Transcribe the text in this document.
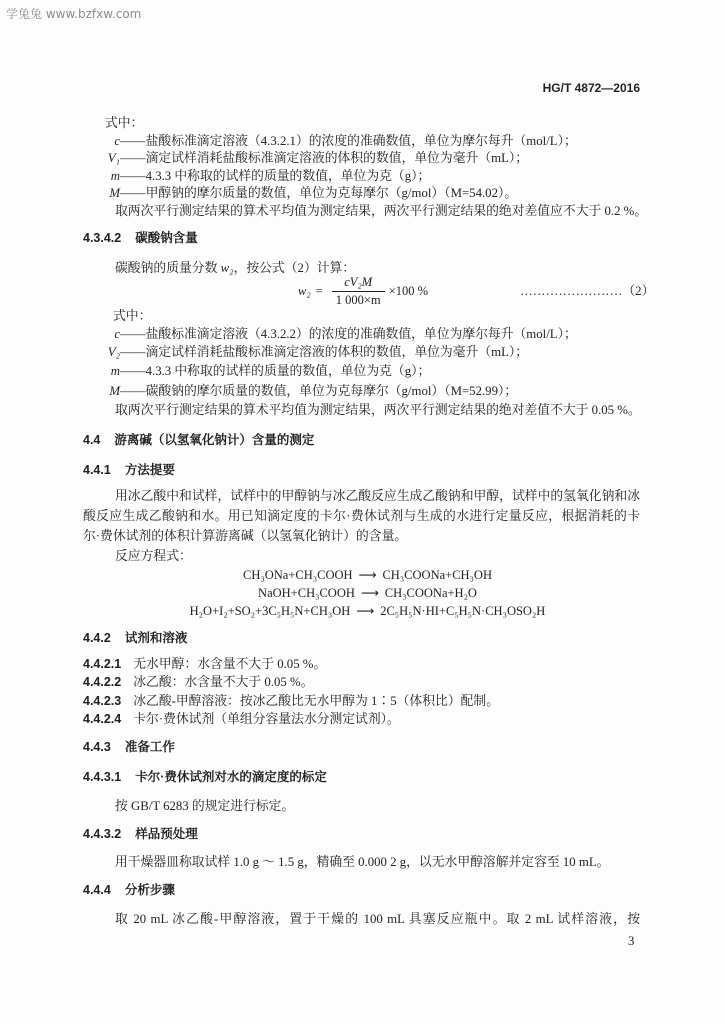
学兔兔 www.bzfxw.com
HG/T 4872—2016
式中：
c——盐酸标准滴定溶液（4.3.2.1）的浓度的准确数值，单位为摩尔每升（mol/L）；
V₁——滴定试样消耗盐酸标准滴定溶液的体积的数值，单位为毫升（mL）；
m——4.3.3 中称取的试样的质量的数值，单位为克（g）；
M——甲醇钠的摩尔质量的数值，单位为克每摩尔（g/mol）（M=54.02）。
取两次平行测定结果的算术平均值为测定结果，两次平行测定结果的绝对差值应不大于 0.2 %。
4.3.4.2 碳酸钠含量
碳酸钠的质量分数 w₂，按公式（2）计算：
$w_2 = \frac{\text{cV₂M}}{1 000\times m} \times 100$ %	……………………（2）
式中：
c——盐酸标准滴定溶液（4.3.2.2）的浓度的准确数值，单位为摩尔每升（mol/L）；
V₂——滴定试样消耗盐酸标准滴定溶液的体积的数值，单位为毫升（mL）；
m——4.3.3 中称取的试样的质量的数值，单位为克（g）；
M——碳酸钠的摩尔质量的数值，单位为克每摩尔（g/mol）（M=52.99）；
取两次平行测定结果的算术平均值为测定结果，两次平行测定结果的绝对差值不大于 0.05 %。
4.4 游离碱（以氢氧化钠计）含量的测定
4.4.1 方法提要
用冰乙酸中和试样，试样中的甲醇钠与冰乙酸反应生成乙酸钠和甲醇，试样中的氢氧化钠和冰
酸反应生成乙酸钠和水。用已知滴定度的卡尔·费休试剂与生成的水进行定量反应，根据消耗的卡
尔·费休试剂的体积计算游离碱（以氢氧化钠计）的含量。
反应方程式：
CH₃ONa+CH₃COOH ⟶ CH₃COONa+CH₃OH
NaOH+CH₃COOH ⟶ CH₃COONa+H₂O
H₂O+I₂+SO₂+3C₅H₅N+CH₃OH ⟶ 2C₅H₅N·HI+C₅H₅N·CH₃OSO₂H
4.4.2 试剂和溶液
4.4.2.1 无水甲醇：水含量不大于 0.05 %。
4.4.2.2 冰乙酸：水含量不大于 0.05 %。
4.4.2.3 冰乙酸-甲醇溶液：按冰乙酸比无水甲醇为 1∶5（体积比）配制。
4.4.2.4 卡尔·费休试剂（单组分容量法水分测定试剂）。
4.4.3 准备工作
4.4.3.1 卡尔·费休试剂对水的滴定度的标定
按 GB/T 6283 的规定进行标定。
4.4.3.2 样品预处理
用干燥器皿称取试样 1.0 g ～ 1.5 g，精确至 0.000 2 g，以无水甲醇溶解并定容至 10 mL。
4.4.4 分析步骤
取 20 mL 冰乙酸-甲醇溶液，置于干燥的 100 mL 具塞反应瓶中。取 2 mL 试样溶液，按
3
